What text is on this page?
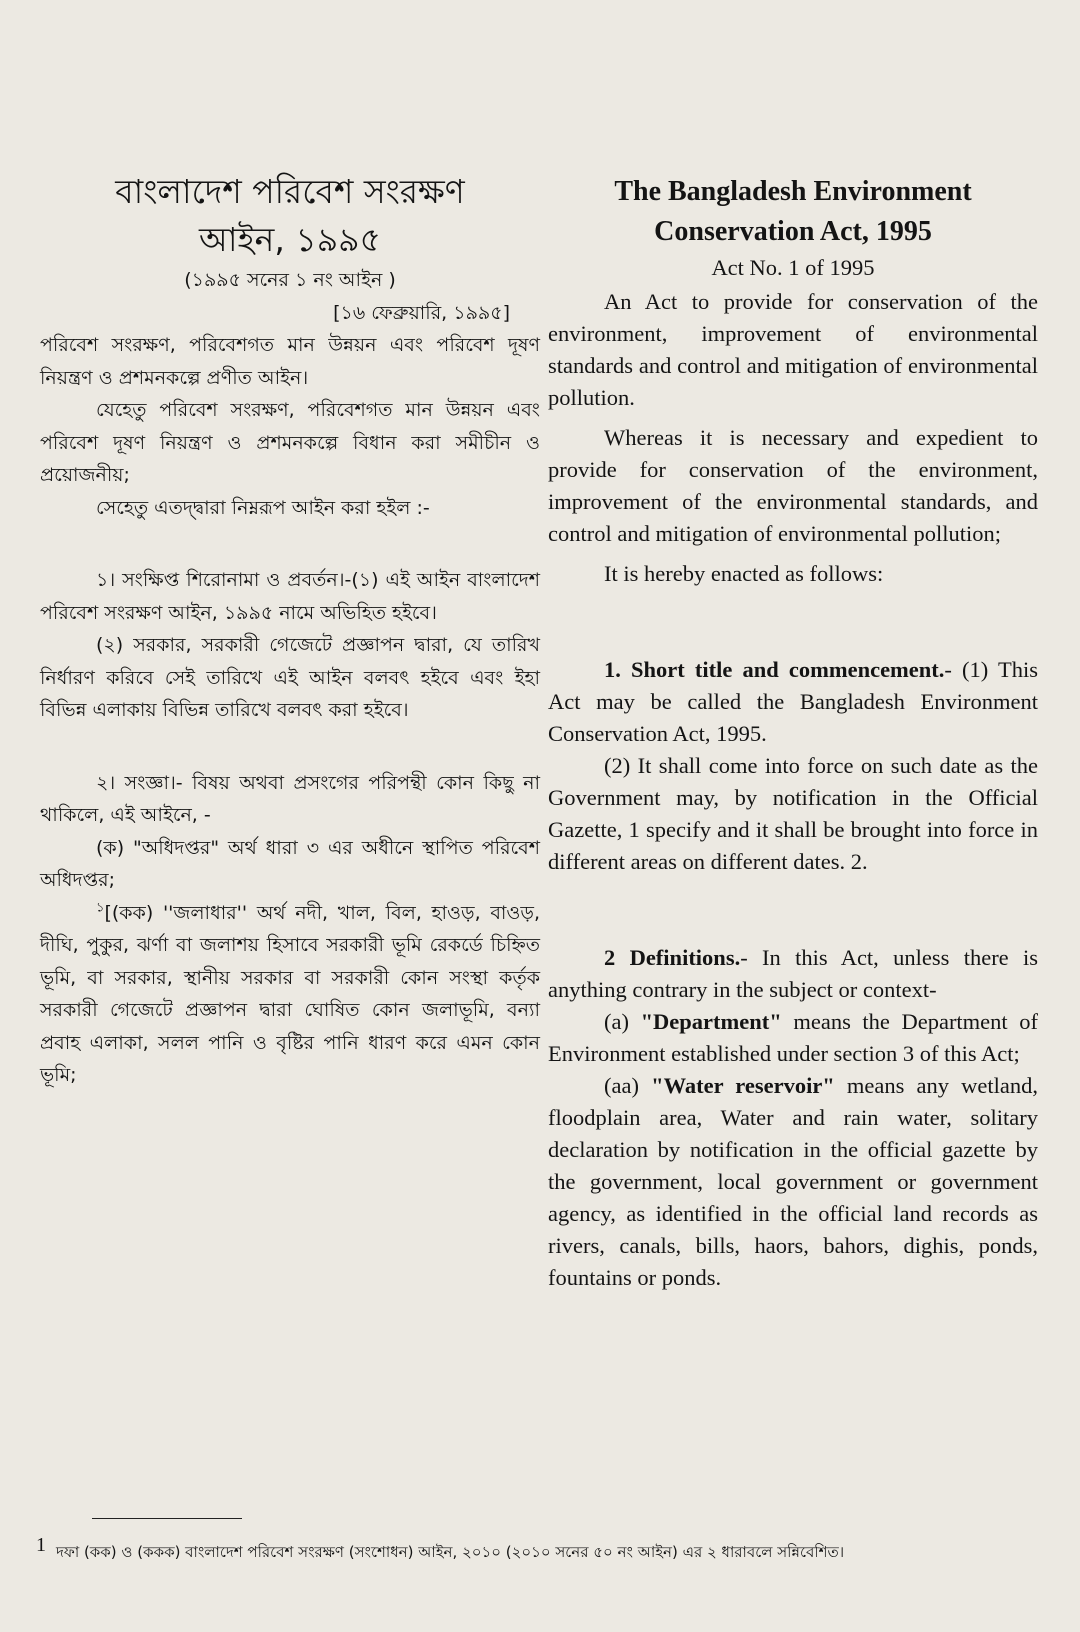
বাংলাদেশ পরিবেশ সংরক্ষণ
আইন, ১৯৯৫

(১৯৯৫ সনের ১ নং আইন )

[১৬ ফেব্রুয়ারি, ১৯৯৫]

পরিবেশ সংরক্ষণ, পরিবেশগত মান উন্নয়ন এবং পরিবেশ দূষণ নিয়ন্ত্রণ ও প্রশমনকল্পে প্রণীত আইন।

যেহেতু পরিবেশ সংরক্ষণ, পরিবেশগত মান উন্নয়ন এবং পরিবেশ দূষণ নিয়ন্ত্রণ ও প্রশমনকল্পে বিধান করা সমীচীন ও প্রয়োজনীয়;

সেহেতু এতদ্দ্বারা নিম্নরূপ আইন করা হইল :-

১। সংক্ষিপ্ত শিরোনামা ও প্রবর্তন।-(১) এই আইন বাংলাদেশ পরিবেশ সংরক্ষণ আইন, ১৯৯৫ নামে অভিহিত হইবে।

(২) সরকার, সরকারী গেজেটে প্রজ্ঞাপন দ্বারা, যে তারিখ নির্ধারণ করিবে সেই তারিখে এই আইন বলবৎ হইবে এবং ইহা বিভিন্ন এলাকায় বিভিন্ন তারিখে বলবৎ করা হইবে।

২। সংজ্ঞা।- বিষয় অথবা প্রসংগের পরিপন্থী কোন কিছু না থাকিলে, এই আইনে, -

(ক) "অধিদপ্তর" অর্থ ধারা ৩ এর অধীনে স্থাপিত পরিবেশ অধিদপ্তর;

$^১$[(কক) ''জলাধার'' অর্থ নদী, খাল, বিল, হাওড়, বাওড়, দীঘি, পুকুর, ঝর্ণা বা জলাশয় হিসাবে সরকারী ভূমি রেকর্ডে চিহ্নিত ভূমি, বা সরকার, স্থানীয় সরকার বা সরকারী কোন সংস্থা কর্তৃক সরকারী গেজেটে প্রজ্ঞাপন দ্বারা ঘোষিত কোন জলাভূমি, বন্যা প্রবাহ এলাকা, সলল পানি ও বৃষ্টির পানি ধারণ করে এমন কোন ভূমি;

The Bangladesh Environment
Conservation Act, 1995

Act No. 1 of 1995

An Act to provide for conservation of the environment, improvement of environmental standards and control and mitigation of environmental pollution.

Whereas it is necessary and expedient to provide for conservation of the environment, improvement of the environmental standards, and control and mitigation of environmental pollution;

It is hereby enacted as follows:

1. Short title and commencement.- (1) This Act may be called the Bangladesh Environment Conservation Act, 1995.

(2) It shall come into force on such date as the Government may, by notification in the Official Gazette, 1 specify and it shall be brought into force in different areas on different dates. 2.

2 Definitions.- In this Act, unless there is anything contrary in the subject or context-

(a) "Department" means the Department of Environment established under section 3 of this Act;

(aa) "Water reservoir" means any wetland, floodplain area, Water and rain water, solitary declaration by notification in the official gazette by the government, local government or government agency, as identified in the official land records as rivers, canals, bills, haors, bahors, dighis, ponds, fountains or ponds.

1 দফা (কক) ও (ককক) বাংলাদেশ পরিবেশ সংরক্ষণ (সংশোধন) আইন, ২০১০ (২০১০ সনের ৫০ নং আইন) এর ২ ধারাবলে সন্নিবেশিত।
